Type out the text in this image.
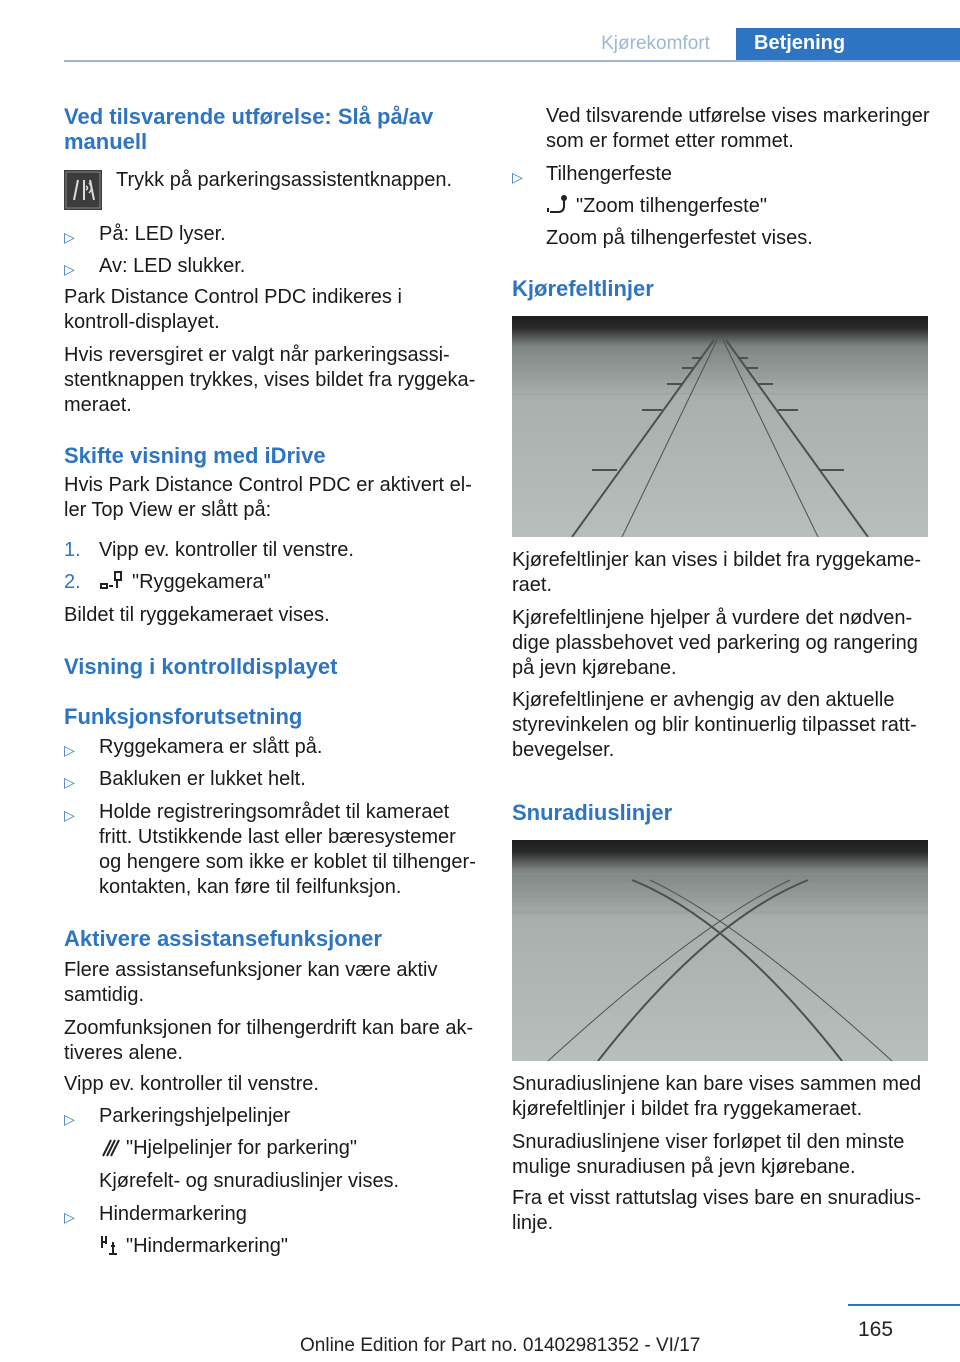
Kjørekomfort	Betjening
Ved tilsvarende utførelse: Slå på/av manuell
Trykk på parkeringsassistentknappen.
▷ På: LED lyser.
▷ Av: LED slukker.
Park Distance Control PDC indikeres i kontroll-displayet.
Hvis reversgiret er valgt når parkeringsassi-stentknappen trykkes, vises bildet fra ryggeka-meraet.
Skifte visning med iDrive
Hvis Park Distance Control PDC er aktivert el-ler Top View er slått på:
1. Vipp ev. kontroller til venstre.
2.	"Ryggekamera"
Bildet til ryggekameraet vises.
Visning i kontrolldisplayet
Funksjonsforutsetning
▷ Ryggekamera er slått på.
▷ Bakluken er lukket helt.
▷ Holde registreringsområdet til kameraet fritt. Utstikkende last eller bæresystemer og hengere som ikke er koblet til tilhenger-kontakten, kan føre til feilfunksjon.
Aktivere assistansefunksjoner
Flere assistansefunksjoner kan være aktiv samtidig.
Zoomfunksjonen for tilhengerdrift kan bare ak-tiveres alene.
Vipp ev. kontroller til venstre.
▷ Parkeringshjelpelinjer
"Hjelpelinjer for parkering"
Kjørefelt- og snuradiuslinjer vises.
▷ Hindermarkering
"Hindermarkering"
Ved tilsvarende utførelse vises markeringer som er formet etter rommet.
▷ Tilhengerfeste
"Zoom tilhengerfeste"
Zoom på tilhengerfestet vises.
Kjørefeltlinjer
Kjørefeltlinjer kan vises i bildet fra ryggekame-raet.
Kjørefeltlinjene hjelper å vurdere det nødven-dige plassbehovet ved parkering og rangering på jevn kjørebane.
Kjørefeltlinjene er avhengig av den aktuelle styrevinkelen og blir kontinuerlig tilpasset ratt-bevegelser.
Snuradiuslinjer
Snuradiuslinjene kan bare vises sammen med kjørefeltlinjer i bildet fra ryggekameraet.
Snuradiuslinjene viser forløpet til den minste mulige snuradiusen på jevn kjørebane.
Fra et visst rattutslag vises bare en snuradius-linje.
165
Online Edition for Part no. 01402981352 - VI/17
